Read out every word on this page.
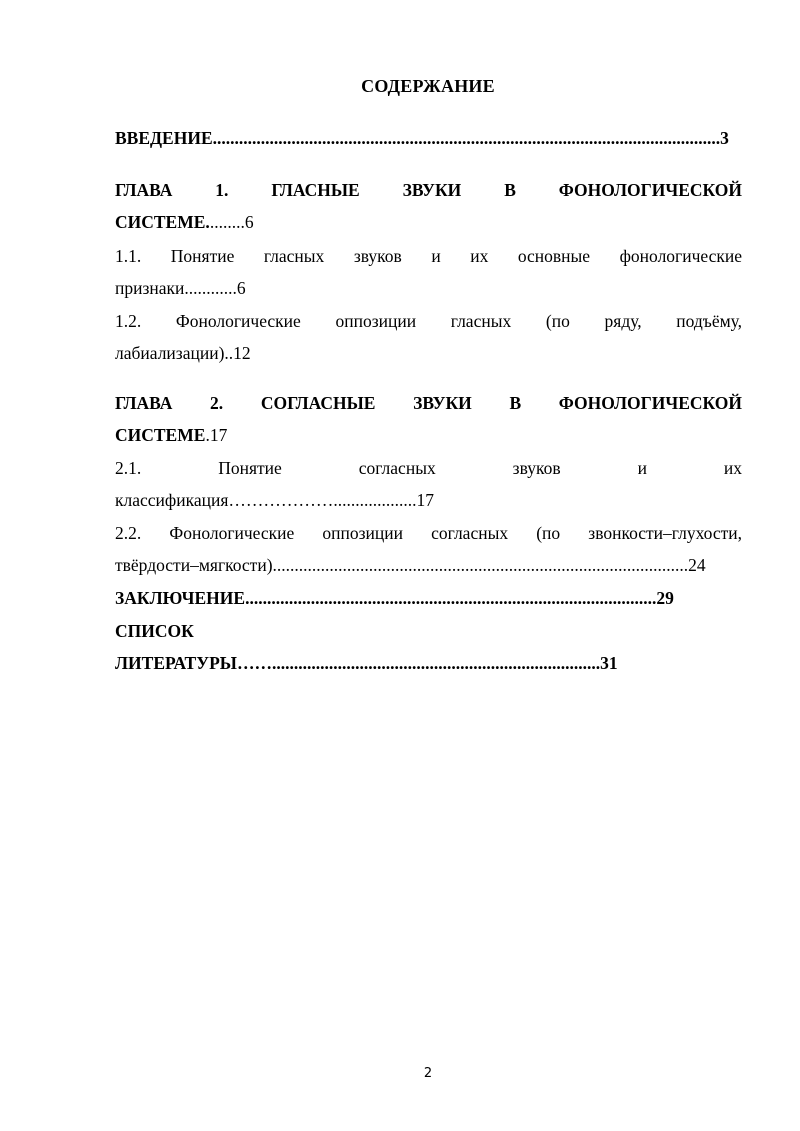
СОДЕРЖАНИЕ
ВВЕДЕНИЕ....................................................................................................................3
ГЛАВА 1. ГЛАСНЫЕ ЗВУКИ В ФОНОЛОГИЧЕСКОЙ
СИСТЕМЕ.........6
1.1. Понятие гласных звуков и их основные фонологические
признаки............6
1.2. Фонологические оппозиции гласных (по ряду, подъёму,
лабиализации)..12
ГЛАВА 2. СОГЛАСНЫЕ ЗВУКИ В ФОНОЛОГИЧЕСКОЙ
СИСТЕМЕ.17
2.1.	Понятие	согласных	звуков	и	их
классификация………………...................17
2.2. Фонологические оппозиции согласных (по звонкости–глухости,
твёрдости–мягкости)...............................................................................................24
ЗАКЛЮЧЕНИЕ..............................................................................................29
СПИСОК
ЛИТЕРАТУРЫ……...........................................................................31
2
